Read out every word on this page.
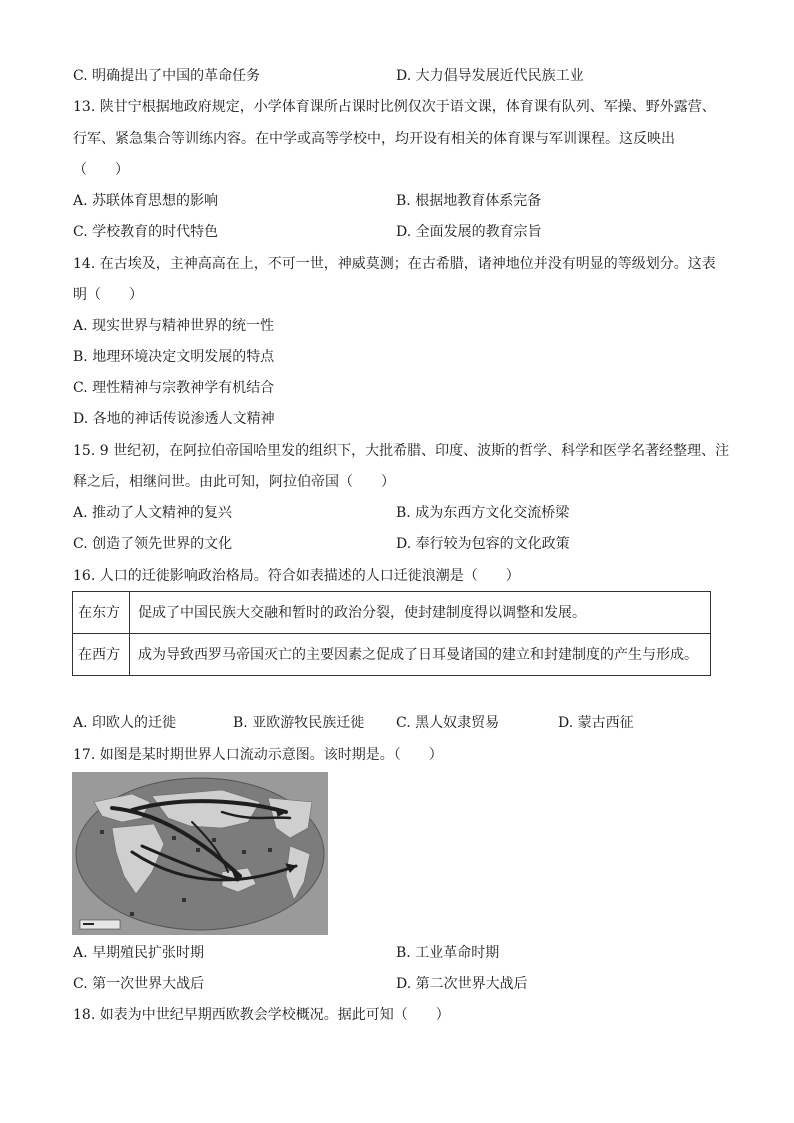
C. 明确提出了中国的革命任务	D. 大力倡导发展近代民族工业
13. 陕甘宁根据地政府规定，小学体育课所占课时比例仅次于语文课，体育课有队列、军操、野外露营、
行军、紧急集合等训练内容。在中学或高等学校中，均开设有相关的体育课与军训课程。这反映出
（　　）
A. 苏联体育思想的影响	B. 根据地教育体系完备
C. 学校教育的时代特色	D. 全面发展的教育宗旨
14. 在古埃及，主神高高在上，不可一世，神威莫测；在古希腊，诸神地位并没有明显的等级划分。这表
明（　　）
A. 现实世界与精神世界的统一性
B. 地理环境决定文明发展的特点
C. 理性精神与宗教神学有机结合
D. 各地的神话传说渗透人文精神
15. 9 世纪初，在阿拉伯帝国哈里发的组织下，大批希腊、印度、波斯的哲学、科学和医学名著经整理、注
释之后，相继问世。由此可知，阿拉伯帝国（　　）
A. 推动了人文精神的复兴	B. 成为东西方文化交流桥梁
C. 创造了领先世界的文化	D. 奉行较为包容的文化政策
16. 人口的迁徙影响政治格局。符合如表描述的人口迁徙浪潮是（　　）
在东方	促成了中国民族大交融和暂时的政治分裂，使封建制度得以调整和发展。
在西方	成为导致西罗马帝国灭亡的主要因素之促成了日耳曼诸国的建立和封建制度的产生与形成。
A. 印欧人的迁徙	B. 亚欧游牧民族迁徙 C. 黑人奴隶贸易	D. 蒙古西征
17. 如图是某时期世界人口流动示意图。该时期是。（　　）
A. 早期殖民扩张时期	B. 工业革命时期
C. 第一次世界大战后	D. 第二次世界大战后
18. 如表为中世纪早期西欧教会学校概况。据此可知（　　）
